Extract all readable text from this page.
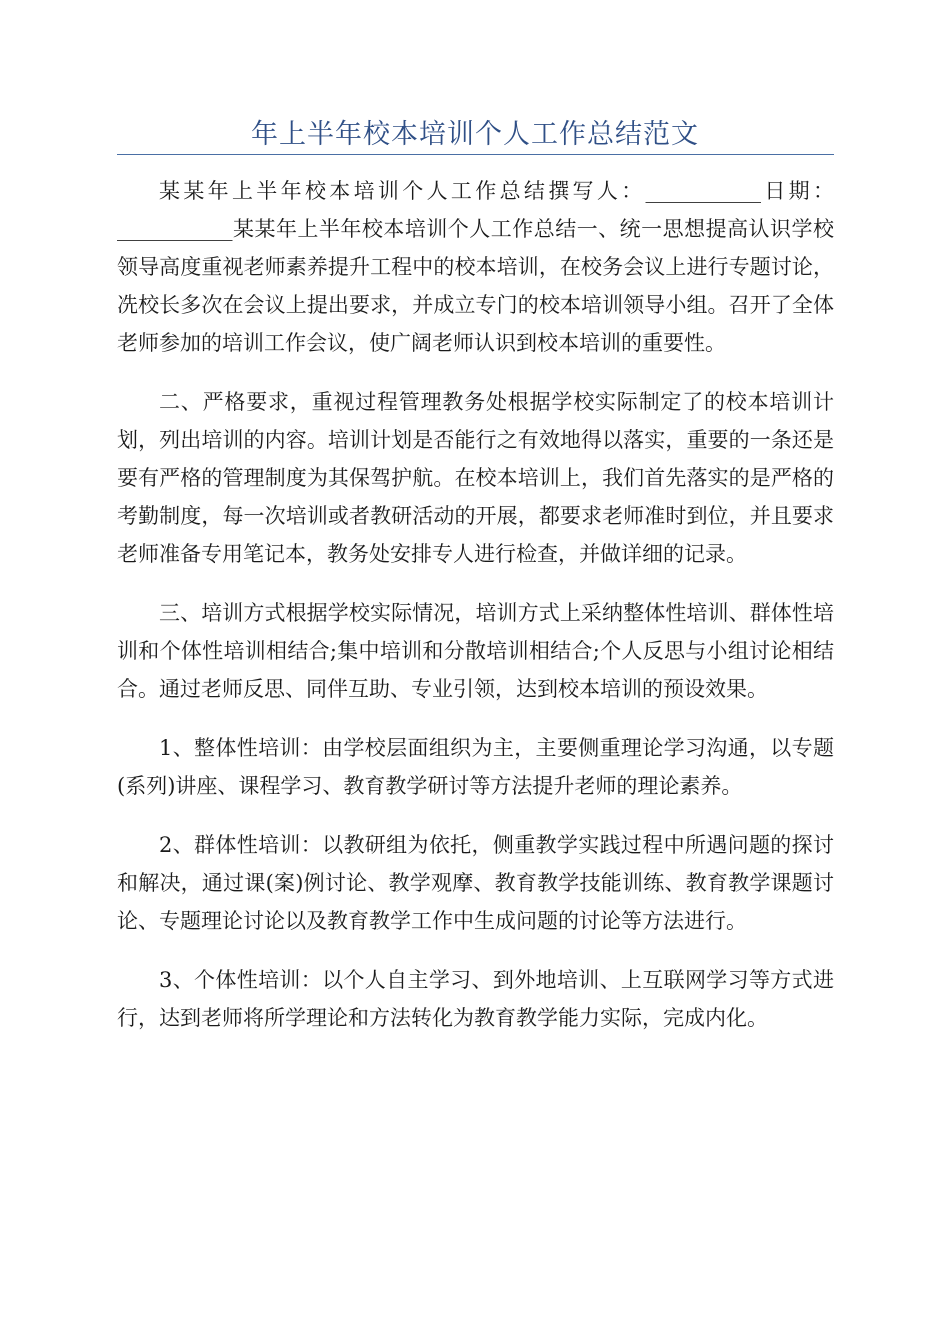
年上半年校本培训个人工作总结范文

某某年上半年校本培训个人工作总结撰写人：___________日期：___________某某年上半年校本培训个人工作总结一、统一思想提高认识学校领导高度重视老师素养提升工程中的校本培训，在校务会议上进行专题讨论，冼校长多次在会议上提出要求，并成立专门的校本培训领导小组。召开了全体老师参加的培训工作会议，使广阔老师认识到校本培训的重要性。

二、严格要求，重视过程管理教务处根据学校实际制定了的校本培训计划，列出培训的内容。培训计划是否能行之有效地得以落实，重要的一条还是要有严格的管理制度为其保驾护航。在校本培训上，我们首先落实的是严格的考勤制度，每一次培训或者教研活动的开展，都要求老师准时到位，并且要求老师准备专用笔记本，教务处安排专人进行检查，并做详细的记录。

三、培训方式根据学校实际情况，培训方式上采纳整体性培训、群体性培训和个体性培训相结合;集中培训和分散培训相结合;个人反思与小组讨论相结合。通过老师反思、同伴互助、专业引领，达到校本培训的预设效果。

1、整体性培训：由学校层面组织为主，主要侧重理论学习沟通，以专题(系列)讲座、课程学习、教育教学研讨等方法提升老师的理论素养。

2、群体性培训：以教研组为依托，侧重教学实践过程中所遇问题的探讨和解决，通过课(案)例讨论、教学观摩、教育教学技能训练、教育教学课题讨论、专题理论讨论以及教育教学工作中生成问题的讨论等方法进行。

3、个体性培训：以个人自主学习、到外地培训、上互联网学习等方式进行，达到老师将所学理论和方法转化为教育教学能力实际，完成内化。
